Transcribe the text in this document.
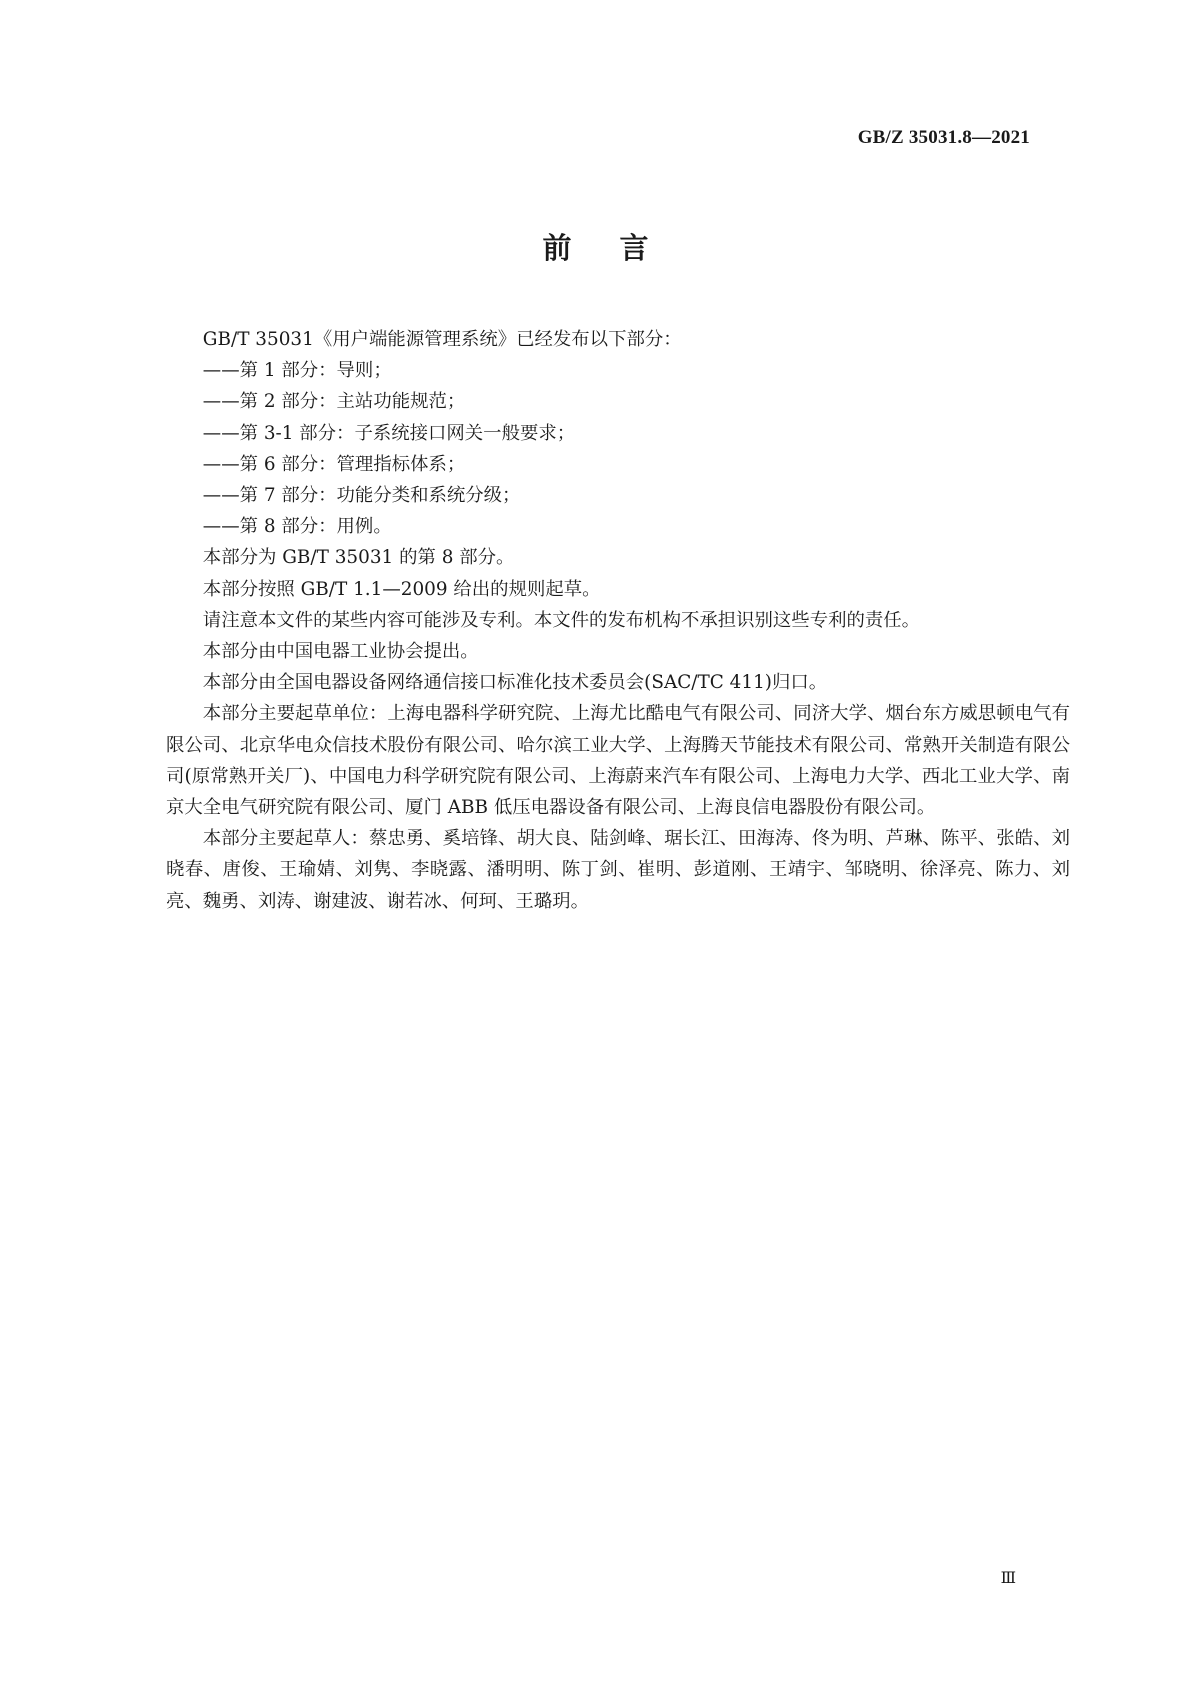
GB/Z 35031.8—2021
前言

GB/T 35031《用户端能源管理系统》已经发布以下部分：

——第 1 部分：导则；

——第 2 部分：主站功能规范；

——第 3-1 部分：子系统接口网关一般要求；

——第 6 部分：管理指标体系；

——第 7 部分：功能分类和系统分级；

——第 8 部分：用例。

本部分为 GB/T 35031 的第 8 部分。

本部分按照 GB/T 1.1—2009 给出的规则起草。

请注意本文件的某些内容可能涉及专利。本文件的发布机构不承担识别这些专利的责任。

本部分由中国电器工业协会提出。

本部分由全国电器设备网络通信接口标准化技术委员会(SAC/TC 411)归口。

本部分主要起草单位：上海电器科学研究院、上海尤比酷电气有限公司、同济大学、烟台东方威思顿电气有限公司、北京华电众信技术股份有限公司、哈尔滨工业大学、上海腾天节能技术有限公司、常熟开关制造有限公司(原常熟开关厂)、中国电力科学研究院有限公司、上海蔚来汽车有限公司、上海电力大学、西北工业大学、南京大全电气研究院有限公司、厦门 ABB 低压电器设备有限公司、上海良信电器股份有限公司。

本部分主要起草人：蔡忠勇、奚培锋、胡大良、陆剑峰、琚长江、田海涛、佟为明、芦琳、陈平、张皓、刘晓春、唐俊、王瑜婧、刘隽、李晓露、潘明明、陈丁剑、崔明、彭道刚、王靖宇、邹晓明、徐泽亮、陈力、刘亮、魏勇、刘涛、谢建波、谢若冰、何珂、王璐玥。

Ⅲ
